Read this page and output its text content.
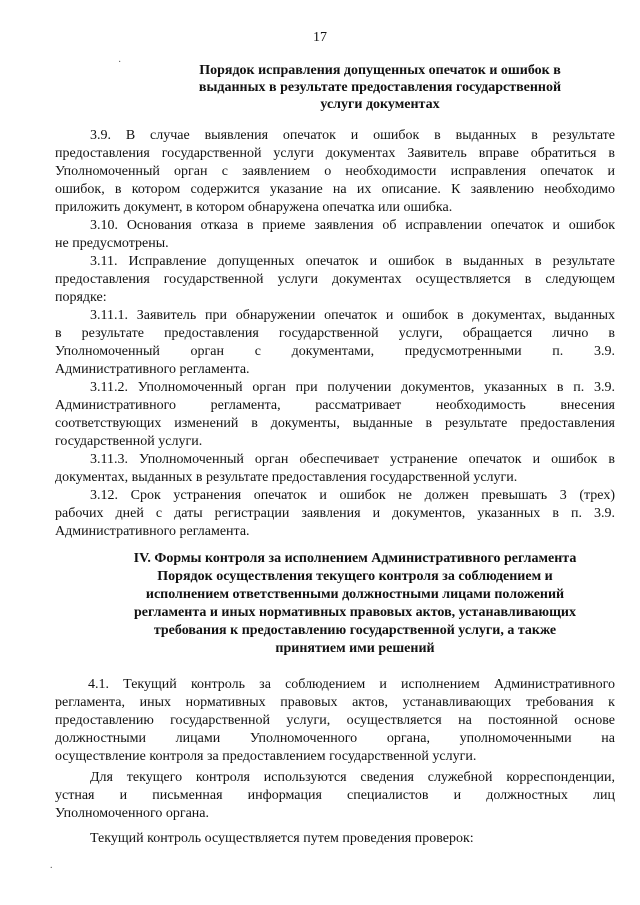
17
Порядок исправления допущенных опечаток и ошибок в
выданных в результате предоставления государственной
услуги документах
3.9. В случае выявления опечаток и ошибок в выданных в результате
предоставления государственной услуги документах Заявитель вправе обратиться в
Уполномоченный орган с заявлением о необходимости исправления опечаток и
ошибок, в котором содержится указание на их описание. К заявлению необходимо
приложить документ, в котором обнаружена опечатка или ошибка.
3.10. Основания отказа в приеме заявления об исправлении опечаток и ошибок
не предусмотрены.
3.11. Исправление допущенных опечаток и ошибок в выданных в результате
предоставления государственной услуги документах осуществляется в следующем
порядке:
3.11.1. Заявитель при обнаружении опечаток и ошибок в документах, выданных
в результате предоставления государственной услуги, обращается лично в
Уполномоченный орган с документами, предусмотренными п. 3.9.
Административного регламента.
3.11.2. Уполномоченный орган при получении документов, указанных в п. 3.9.
Административного регламента, рассматривает необходимость внесения
соответствующих изменений в документы, выданные в результате предоставления
государственной услуги.
3.11.3. Уполномоченный орган обеспечивает устранение опечаток и ошибок в
документах, выданных в результате предоставления государственной услуги.
3.12. Срок устранения опечаток и ошибок не должен превышать 3 (трех)
рабочих дней с даты регистрации заявления и документов, указанных в п. 3.9.
Административного регламента.
IV. Формы контроля за исполнением Административного регламента
Порядок осуществления текущего контроля за соблюдением и
исполнением ответственными должностными лицами положений
регламента и иных нормативных правовых актов, устанавливающих
требования к предоставлению государственной услуги, а также
принятием ими решений
4.1. Текущий контроль за соблюдением и исполнением Административного
регламента, иных нормативных правовых актов, устанавливающих требования к
предоставлению государственной услуги, осуществляется на постоянной основе
должностными лицами Уполномоченного органа, уполномоченными на
осуществление контроля за предоставлением государственной услуги.
Для текущего контроля используются сведения служебной корреспонденции,
устная и письменная информация специалистов и должностных лиц
Уполномоченного органа.
Текущий контроль осуществляется путем проведения проверок:
·
.
